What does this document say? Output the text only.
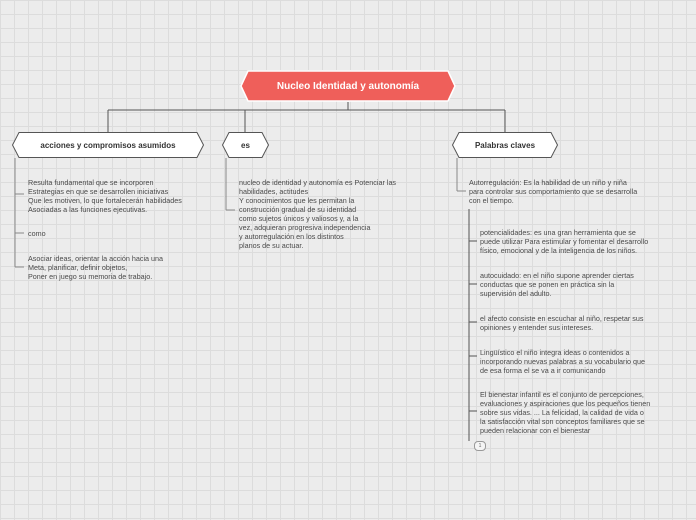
Nucleo Identidad y autonomía
acciones y compromisos asumidos	es	Palabras claves
Resulta fundamental que se incorporen
Estrategias en que se desarrollen iniciativas
Que les motiven, lo que fortalecerán habilidades
Asociadas a las funciones ejecutivas.
como
Asociar ideas, orientar la acción hacia una
Meta, planificar, definir objetos,
Poner en juego su memoria de trabajo.
nucleo de identidad y autonomía es Potenciar las
habilidades, actitudes
Y conocimientos que les permitan la
construcción gradual de su identidad
como sujetos únicos y valiosos y, a la
vez, adquieran progresiva independencia
y autorregulación en los distintos
planos de su actuar.
Autorregulación: Es la habilidad de un niño y niña
para controlar sus comportamiento que se desarrolla
con el tiempo.
potencialidades: es una gran herramienta que se
puede utilizar Para estimular y fomentar el desarrollo
físico, emocional y de la inteligencia de los niños.
autocuidado: en el niño supone aprender ciertas
conductas que se ponen en práctica sin la
supervisión del adulto.
el afecto consiste en escuchar al niño, respetar sus
opiniones y entender sus intereses.
Lingüístico el niño integra ideas o contenidos a
incorporando nuevas palabras a su vocabulario que
de esa forma el se va a ir comunicando
El bienestar infantil es el conjunto de percepciones,
evaluaciones y aspiraciones que los pequeños tienen
sobre sus vidas. ... La felicidad, la calidad de vida o
la satisfacción vital son conceptos familiares que se
pueden relacionar con el bienestar
1
